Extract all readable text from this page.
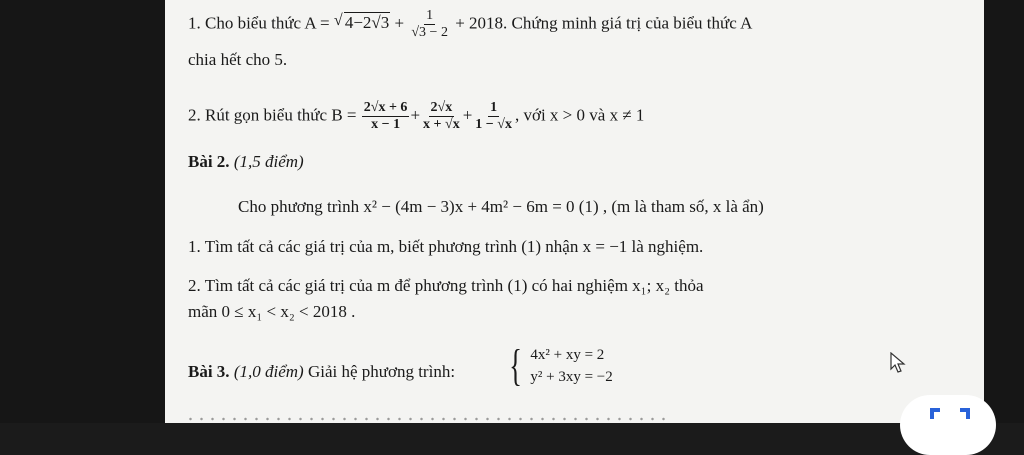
1. Cho biểu thức A = √ $4-2√3 + \frac{1}{√3 - 2} + 2018$. Chứng minh giá trị của biểu thức A
chia hết cho 5.
2. Rút gọn biểu thức $B = \frac{2√x + 6}{x - 1} + \frac{2√x}{x + √x} + \frac{1}{1 - √x}$ , với x > 0 và x ≠ 1
Bài 2. (1,5 điểm)
Cho phương trình x² − (4m − 3)x + 4m² − 6m = 0 (1) , (m là tham số, x là ẩn)
1. Tìm tất cả các giá trị của m, biết phương trình (1) nhận x = −1 là nghiệm.
2. Tìm tất cả các giá trị của m để phương trình (1) có hai nghiệm x₁; x₂ thỏa
mãn 0 ≤ x₁ < x₂ < 2018 .
Bài 3. (1,0 điểm) Giải hệ phương trình: { 4x² + xy = 2
y² + 3xy = −2
